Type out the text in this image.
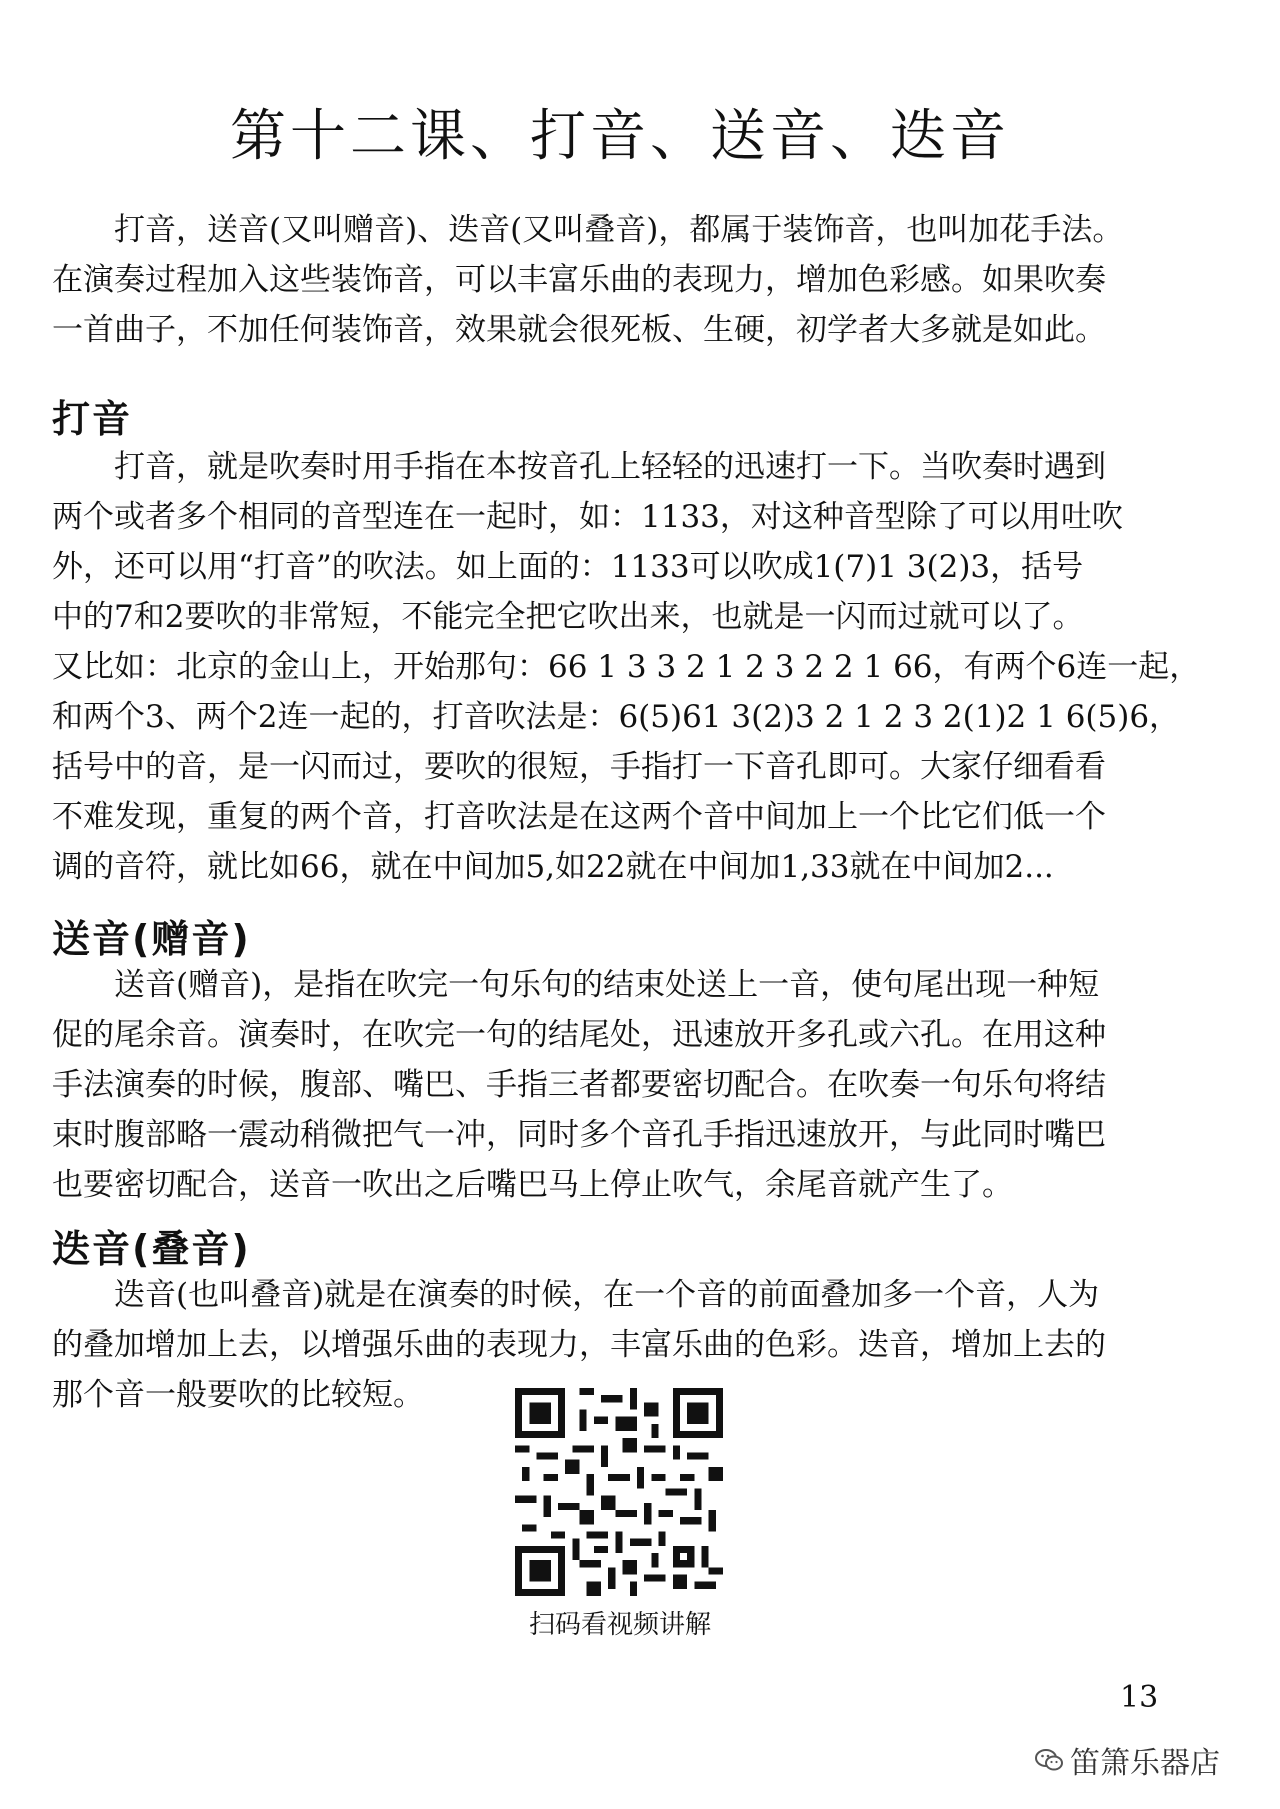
第十二课、打音、送音、迭音
　　打音，送音(又叫赠音)、迭音(又叫叠音)，都属于装饰音，也叫加花手法。
在演奏过程加入这些装饰音，可以丰富乐曲的表现力，增加色彩感。如果吹奏
一首曲子，不加任何装饰音，效果就会很死板、生硬，初学者大多就是如此。
打音
　　打音，就是吹奏时用手指在本按音孔上轻轻的迅速打一下。当吹奏时遇到
两个或者多个相同的音型连在一起时，如：1133，对这种音型除了可以用吐吹
外，还可以用“打音”的吹法。如上面的：1133可以吹成1(7)1 3(2)3，括号
中的7和2要吹的非常短，不能完全把它吹出来，也就是一闪而过就可以了。
又比如：北京的金山上，开始那句：66 1 3 3 2 1 2 3 2 2 1 66，有两个6连一起，
和两个3、两个2连一起的，打音吹法是：6(5)61 3(2)3 2 1 2 3 2(1)2 1 6(5)6，
括号中的音，是一闪而过，要吹的很短，手指打一下音孔即可。大家仔细看看
不难发现，重复的两个音，打音吹法是在这两个音中间加上一个比它们低一个
调的音符，就比如66，就在中间加5,如22就在中间加1,33就在中间加2...
送音(赠音)
　　送音(赠音)，是指在吹完一句乐句的结束处送上一音，使句尾出现一种短
促的尾余音。演奏时，在吹完一句的结尾处，迅速放开多孔或六孔。在用这种
手法演奏的时候，腹部、嘴巴、手指三者都要密切配合。在吹奏一句乐句将结
束时腹部略一震动稍微把气一冲，同时多个音孔手指迅速放开，与此同时嘴巴
也要密切配合，送音一吹出之后嘴巴马上停止吹气，余尾音就产生了。
迭音(叠音)
　　迭音(也叫叠音)就是在演奏的时候，在一个音的前面叠加多一个音，人为
的叠加增加上去，以增强乐曲的表现力，丰富乐曲的色彩。迭音，增加上去的
那个音一般要吹的比较短。
扫码看视频讲解
13
笛箫乐器店
